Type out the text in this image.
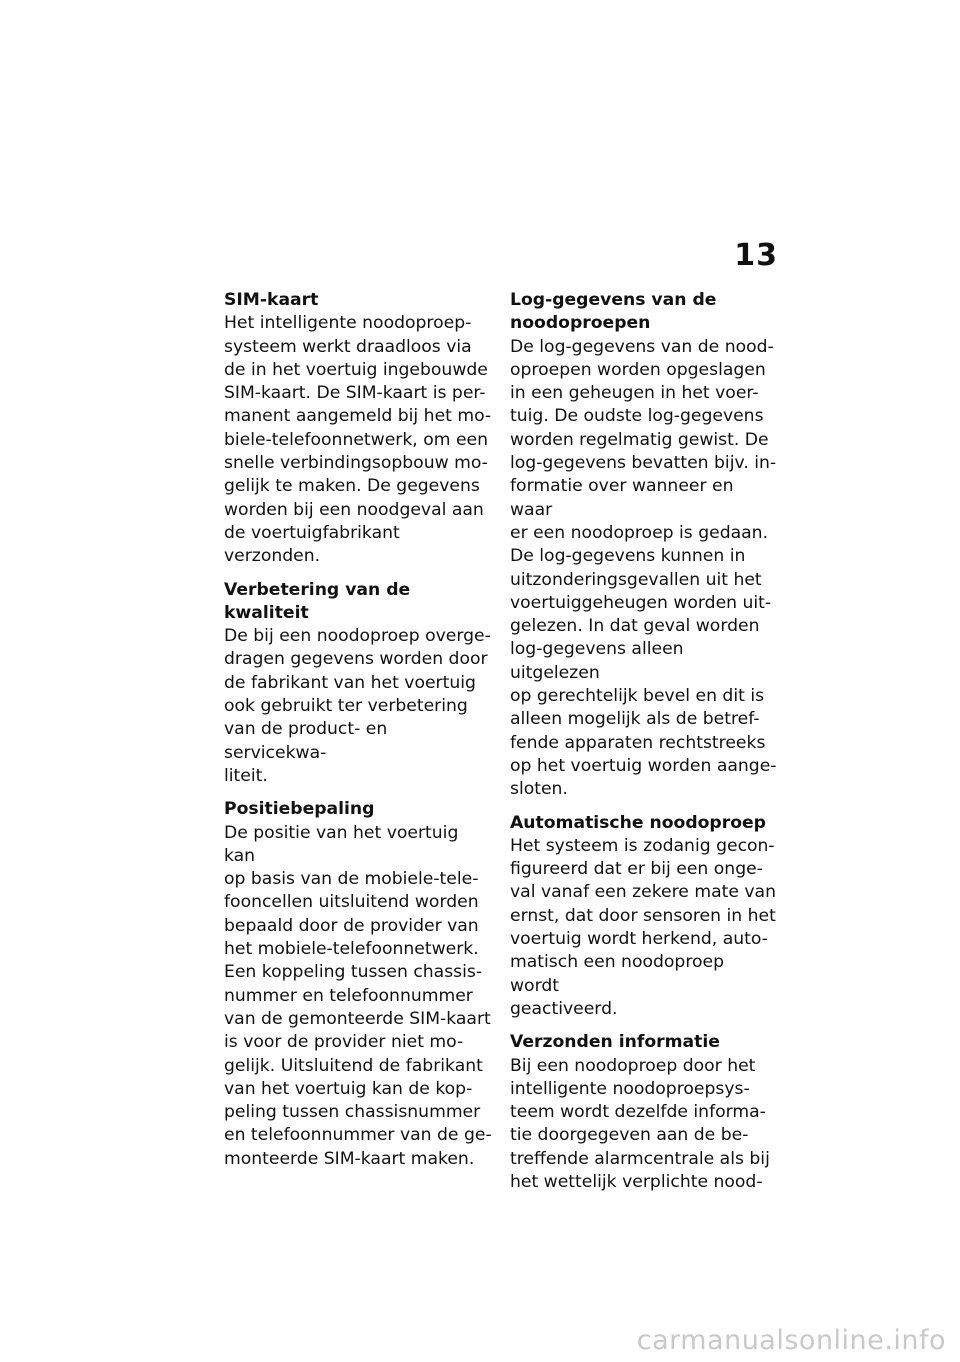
13

SIM-kaart

Het intelligente noodoproep-
systeem werkt draadloos via
de in het voertuig ingebouwde
SIM-kaart. De SIM-kaart is per-
manent aangemeld bij het mo-
biele-telefoonnetwerk, om een
snelle verbindingsopbouw mo-
gelijk te maken. De gegevens
worden bij een noodgeval aan
de voertuigfabrikant verzonden.

Verbetering van de kwaliteit

De bij een noodoproep overge-
dragen gegevens worden door
de fabrikant van het voertuig
ook gebruikt ter verbetering
van de product- en servicekwa-
liteit.

Positiebepaling

De positie van het voertuig kan
op basis van de mobiele-tele-
fooncellen uitsluitend worden
bepaald door de provider van
het mobiele-telefoonnetwerk.
Een koppeling tussen chassis-
nummer en telefoonnummer
van de gemonteerde SIM-kaart
is voor de provider niet mo-
gelijk. Uitsluitend de fabrikant
van het voertuig kan de kop-
peling tussen chassisnummer
en telefoonnummer van de ge-
monteerde SIM-kaart maken.

Log-gegevens van de
noodoproepen

De log-gegevens van de nood-
oproepen worden opgeslagen
in een geheugen in het voer-
tuig. De oudste log-gegevens
worden regelmatig gewist. De
log-gegevens bevatten bijv. in-
formatie over wanneer en waar
er een noodoproep is gedaan.
De log-gegevens kunnen in
uitzonderingsgevallen uit het
voertuiggeheugen worden uit-
gelezen. In dat geval worden
log-gegevens alleen uitgelezen
op gerechtelijk bevel en dit is
alleen mogelijk als de betref-
fende apparaten rechtstreeks
op het voertuig worden aange-
sloten.

Automatische noodoproep

Het systeem is zodanig gecon-
figureerd dat er bij een onge-
val vanaf een zekere mate van
ernst, dat door sensoren in het
voertuig wordt herkend, auto-
matisch een noodoproep wordt
geactiveerd.

Verzonden informatie

Bij een noodoproep door het
intelligente noodoproepsys-
teem wordt dezelfde informa-
tie doorgegeven aan de be-
treffende alarmcentrale als bij
het wettelijk verplichte nood-

carmanualsonline.info
